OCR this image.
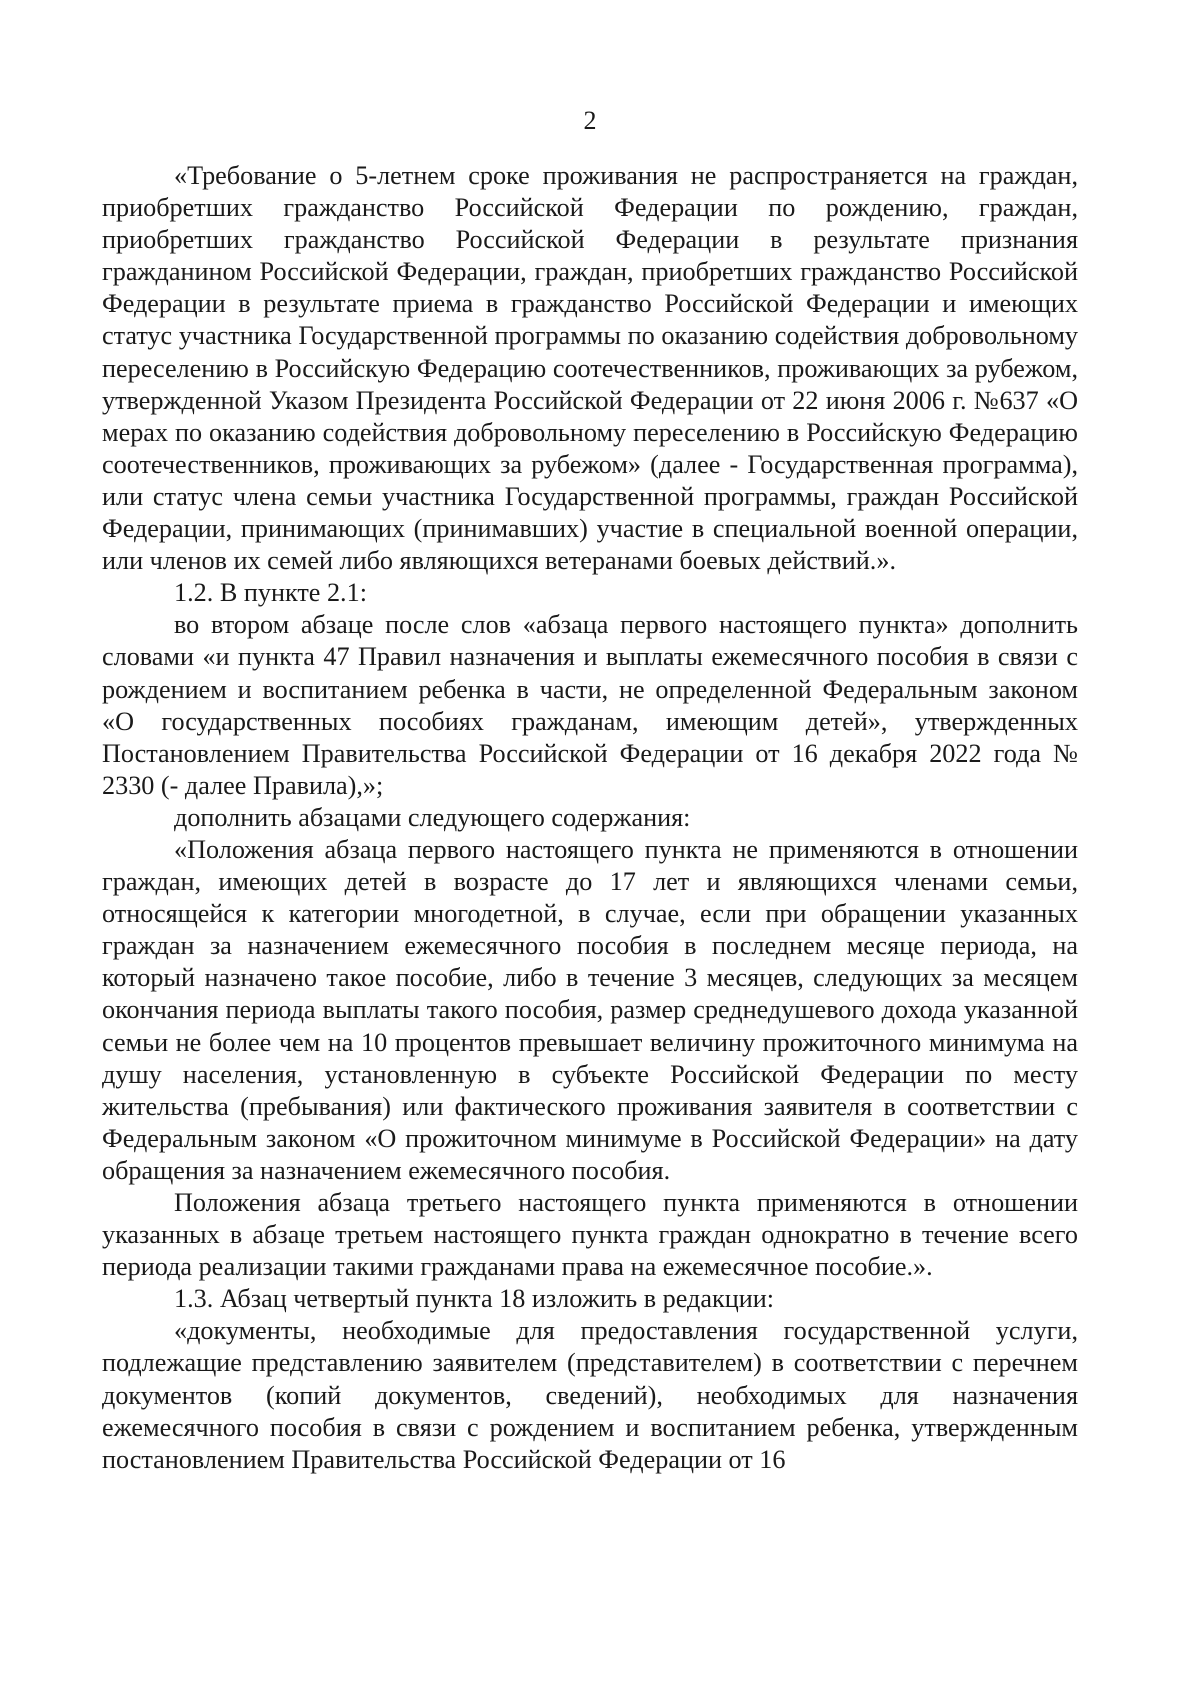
2

«Требование о 5-летнем сроке проживания не распространяется на граждан, приобретших гражданство Российской Федерации по рождению, граждан, приобретших гражданство Российской Федерации в результате признания гражданином Российской Федерации, граждан, приобретших гражданство Российской Федерации в результате приема в гражданство Российской Федерации и имеющих статус участника Государственной программы по оказанию содействия добровольному переселению в Российскую Федерацию соотечественников, проживающих за рубежом, утвержденной Указом Президента Российской Федерации от 22 июня 2006 г. №637 «О мерах по оказанию содействия добровольному переселению в Российскую Федерацию соотечественников, проживающих за рубежом» (далее - Государственная программа), или статус члена семьи участника Государственной программы, граждан Российской Федерации, принимающих (принимавших) участие в специальной военной операции, или членов их семей либо являющихся ветеранами боевых действий.».

1.2. В пункте 2.1:

во втором абзаце после слов «абзаца первого настоящего пункта» дополнить словами «и пункта 47 Правил назначения и выплаты ежемесячного пособия в связи с рождением и воспитанием ребенка в части, не определенной Федеральным законом «О государственных пособиях гражданам, имеющим детей», утвержденных Постановлением Правительства Российской Федерации от 16 декабря 2022 года № 2330 (- далее Правила),»;

дополнить абзацами следующего содержания:

«Положения абзаца первого настоящего пункта не применяются в отношении граждан, имеющих детей в возрасте до 17 лет и являющихся членами семьи, относящейся к категории многодетной, в случае, если при обращении указанных граждан за назначением ежемесячного пособия в последнем месяце периода, на который назначено такое пособие, либо в течение 3 месяцев, следующих за месяцем окончания периода выплаты такого пособия, размер среднедушевого дохода указанной семьи не более чем на 10 процентов превышает величину прожиточного минимума на душу населения, установленную в субъекте Российской Федерации по месту жительства (пребывания) или фактического проживания заявителя в соответствии с Федеральным законом «О прожиточном минимуме в Российской Федерации» на дату обращения за назначением ежемесячного пособия.

Положения абзаца третьего настоящего пункта применяются в отношении указанных в абзаце третьем настоящего пункта граждан однократно в течение всего периода реализации такими гражданами права на ежемесячное пособие.».

1.3. Абзац четвертый пункта 18 изложить в редакции:

«документы, необходимые для предоставления государственной услуги, подлежащие представлению заявителем (представителем) в соответствии с перечнем документов (копий документов, сведений), необходимых для назначения ежемесячного пособия в связи с рождением и воспитанием ребенка, утвержденным постановлением Правительства Российской Федерации от 16
